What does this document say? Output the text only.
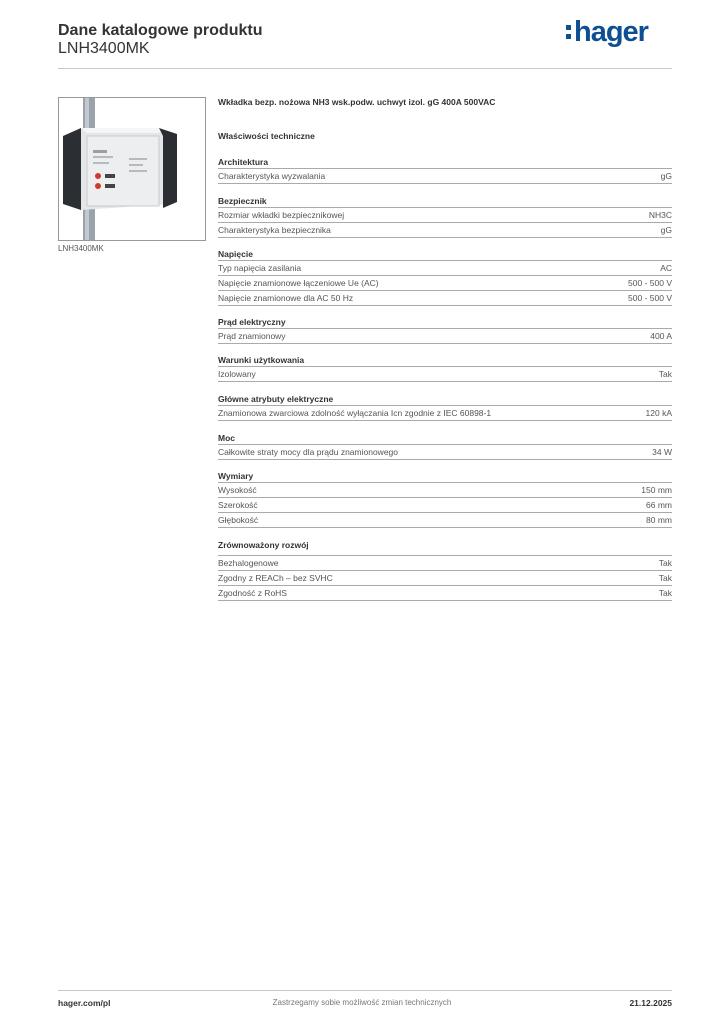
Dane katalogowe produktu
LNH3400MK
hager
LNH3400MK
Wkładka bezp. nożowa NH3 wsk.podw. uchwyt izol. gG 400A 500VAC
Właściwości techniczne
Architektura
Charakterystyka wyzwalania	gG
Bezpiecznik
Rozmiar wkładki bezpiecznikowej	NH3C
Charakterystyka bezpiecznika	gG
Napięcie
Typ napięcia zasilania	AC
Napięcie znamionowe łączeniowe Ue (AC)	500 - 500 V
Napięcie znamionowe dla AC 50 Hz	500 - 500 V
Prąd elektryczny
Prąd znamionowy	400 A
Warunki użytkowania
Izolowany	Tak
Główne atrybuty elektryczne
Znamionowa zwarciowa zdolność wyłączania Icn zgodnie z IEC 60898-1	120 kA
Moc
Całkowite straty mocy dla prądu znamionowego	34 W
Wymiary
Wysokość	150 mm
Szerokość	66 mm
Głębokość	80 mm
Zrównoważony rozwój
Bezhalogenowe	Tak
Zgodny z REACh – bez SVHC	Tak
Zgodność z RoHS	Tak
hager.com/pl	Zastrzegamy sobie możliwość zmian technicznych	21.12.2025
